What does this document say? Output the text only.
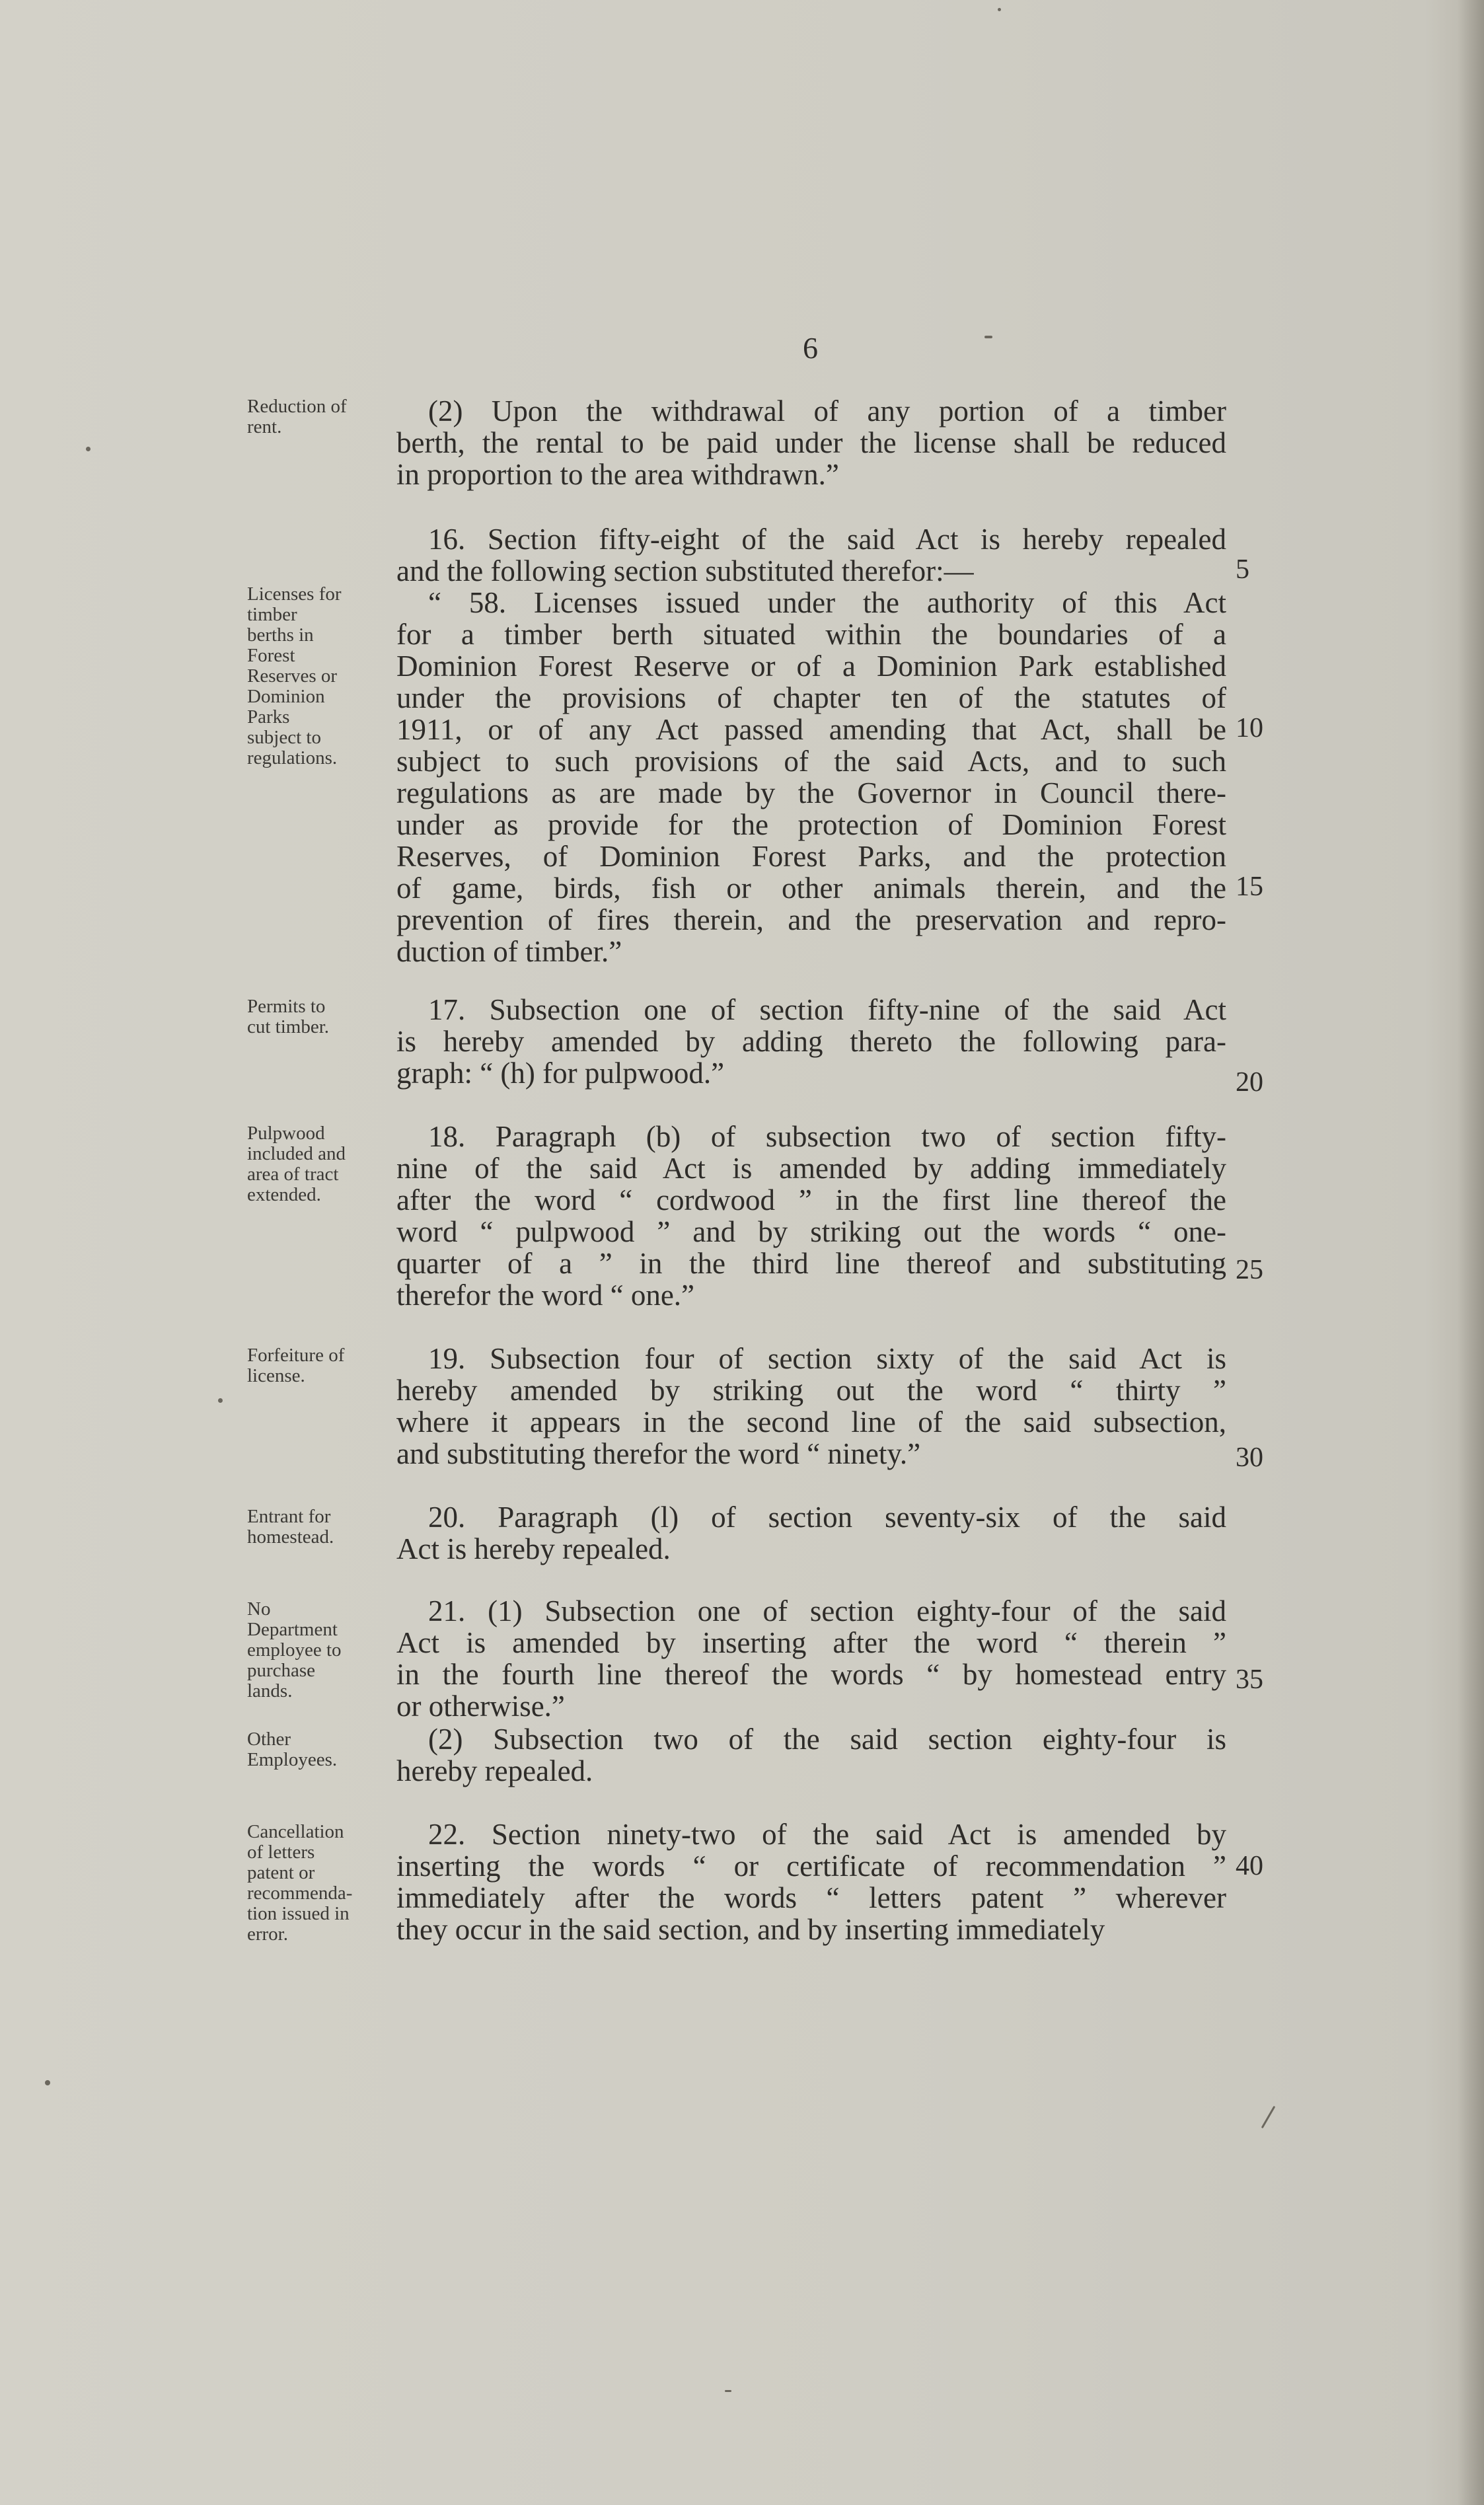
6
Reduction of
rent.
Licenses for
timber
berths in
Forest
Reserves or
Dominion
Parks
subject to
regulations.
Permits to
cut timber.
Pulpwood
included and
area of tract
extended.
Forfeiture of
license.
Entrant for
homestead.
No
Department
employee to
purchase
lands.
Other
Employees.
Cancellation
of letters
patent or
recommenda-
tion issued in
error.
(2) Upon the withdrawal of any portion of a timber
berth, the rental to be paid under the license shall be reduced
in proportion to the area withdrawn.”
16. Section fifty-eight of the said Act is hereby repealed
and the following section substituted therefor:—
“ 58. Licenses issued under the authority of this Act
for a timber berth situated within the boundaries of a
Dominion Forest Reserve or of a Dominion Park established
under the provisions of chapter ten of the statutes of
1911, or of any Act passed amending that Act, shall be
subject to such provisions of the said Acts, and to such
regulations as are made by the Governor in Council there-
under as provide for the protection of Dominion Forest
Reserves, of Dominion Forest Parks, and the protection
of game, birds, fish or other animals therein, and the
prevention of fires therein, and the preservation and repro-
duction of timber.”
17. Subsection one of section fifty-nine of the said Act
is hereby amended by adding thereto the following para-
graph: “ (h) for pulpwood.”
18. Paragraph (b) of subsection two of section fifty-
nine of the said Act is amended by adding immediately
after the word “ cordwood ” in the first line thereof the
word “ pulpwood ” and by striking out the words “ one-
quarter of a ” in the third line thereof and substituting
therefor the word “ one.”
19. Subsection four of section sixty of the said Act is
hereby amended by striking out the word “ thirty ”
where it appears in the second line of the said subsection,
and substituting therefor the word “ ninety.”
20. Paragraph (l) of section seventy-six of the said
Act is hereby repealed.
21. (1) Subsection one of section eighty-four of the said
Act is amended by inserting after the word “ therein ”
in the fourth line thereof the words “ by homestead entry
or otherwise.”
(2) Subsection two of the said section eighty-four is
hereby repealed.
22. Section ninety-two of the said Act is amended by
inserting the words “ or certificate of recommendation ”
immediately after the words “ letters patent ” wherever
they occur in the said section, and by inserting immediately
5
10
15
20
25
30
35
40
